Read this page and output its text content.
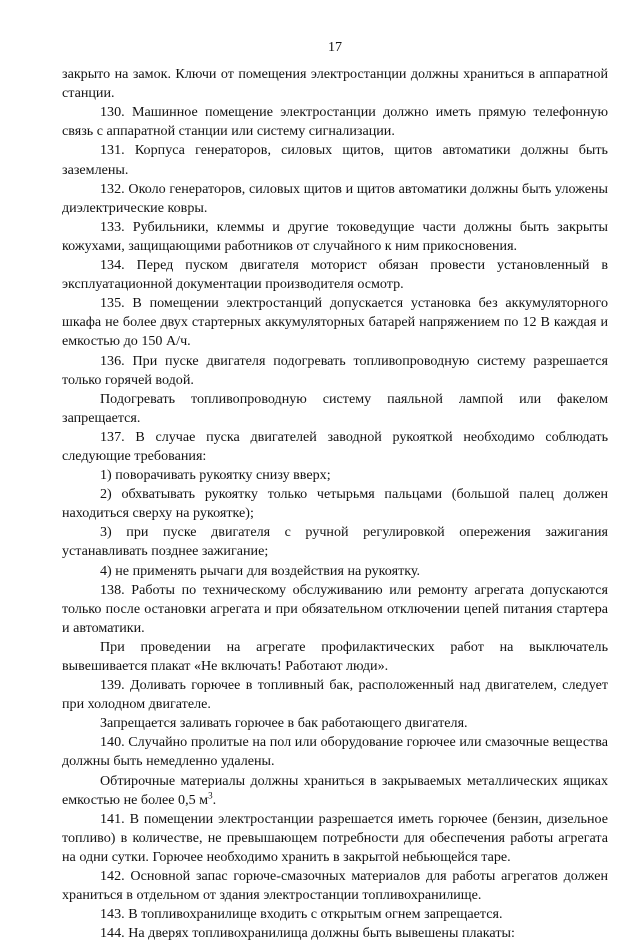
17

закрыто на замок. Ключи от помещения электростанции должны храниться в аппаратной станции.

130. Машинное помещение электростанции должно иметь прямую телефонную связь с аппаратной станции или систему сигнализации.

131. Корпуса генераторов, силовых щитов, щитов автоматики должны быть заземлены.

132. Около генераторов, силовых щитов и щитов автоматики должны быть уложены диэлектрические ковры.

133. Рубильники, клеммы и другие токоведущие части должны быть закрыты кожухами, защищающими работников от случайного к ним прикосновения.

134. Перед пуском двигателя моторист обязан провести установленный в эксплуатационной документации производителя осмотр.

135. В помещении электростанций допускается установка без аккумуляторного шкафа не более двух стартерных аккумуляторных батарей напряжением по 12 В каждая и емкостью до 150 А/ч.

136. При пуске двигателя подогревать топливопроводную систему разрешается только горячей водой.

Подогревать топливопроводную систему паяльной лампой или факелом запрещается.

137. В случае пуска двигателей заводной рукояткой необходимо соблюдать следующие требования:

1) поворачивать рукоятку снизу вверх;

2) обхватывать рукоятку только четырьмя пальцами (большой палец должен находиться сверху на рукоятке);

3) при пуске двигателя с ручной регулировкой опережения зажигания устанавливать позднее зажигание;

4) не применять рычаги для воздействия на рукоятку.

138. Работы по техническому обслуживанию или ремонту агрегата допускаются только после остановки агрегата и при обязательном отключении цепей питания стартера и автоматики.

При проведении на агрегате профилактических работ на выключатель вывешивается плакат «Не включать! Работают люди».

139. Доливать горючее в топливный бак, расположенный над двигателем, следует при холодном двигателе.

Запрещается заливать горючее в бак работающего двигателя.

140. Случайно пролитые на пол или оборудование горючее или смазочные вещества должны быть немедленно удалены.

Обтирочные материалы должны храниться в закрываемых металлических ящиках емкостью не более 0,5 $м^3$.

141. В помещении электростанции разрешается иметь горючее (бензин, дизельное топливо) в количестве, не превышающем потребности для обеспечения работы агрегата на одни сутки. Горючее необходимо хранить в закрытой небьющейся таре.

142. Основной запас горюче-смазочных материалов для работы агрегатов должен храниться в отдельном от здания электростанции топливохранилище.

143. В топливохранилище входить с открытым огнем запрещается.

144. На дверях топливохранилища должны быть вывешены плакаты:
